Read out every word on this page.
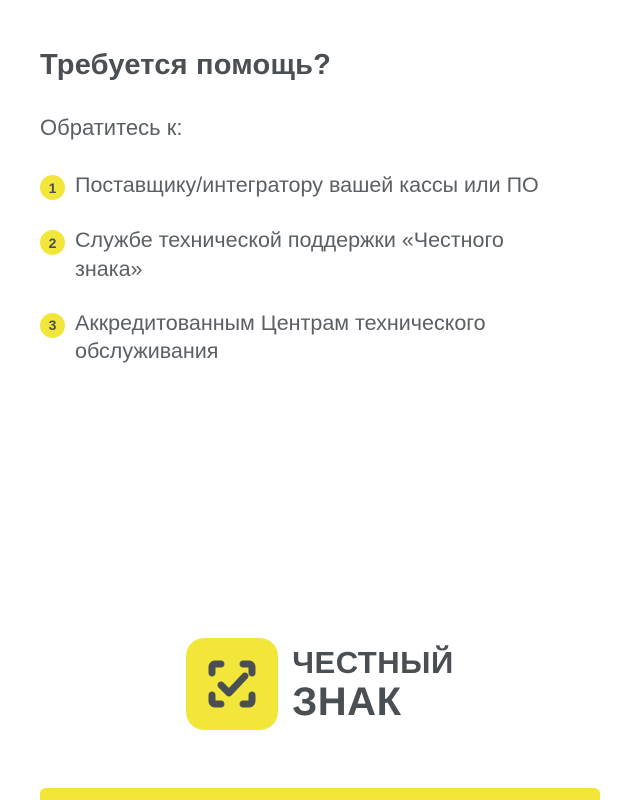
Требуется помощь?

Обратитесь к:

1 Поставщику/интегратору вашей кассы или ПО
2 Службе технической поддержки «Честного знака»
3 Аккредитованным Центрам технического обслуживания
ЧЕСТНЫЙ
ЗНАК
